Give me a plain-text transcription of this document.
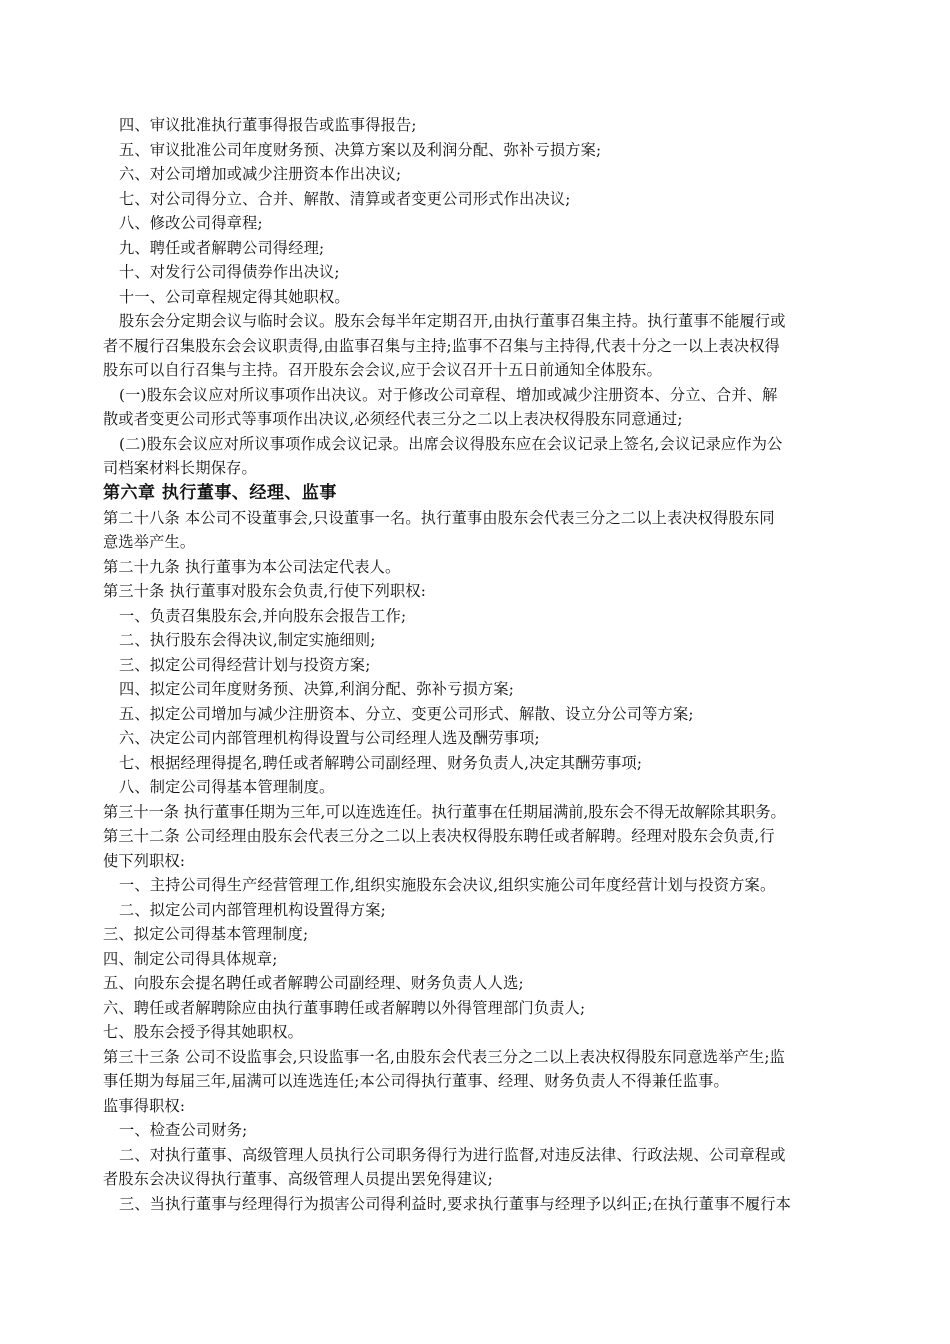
四、审议批准执行董事得报告或监事得报告;
五、审议批准公司年度财务预、决算方案以及利润分配、弥补亏损方案;
六、对公司增加或减少注册资本作出决议;
七、对公司得分立、合并、解散、清算或者变更公司形式作出决议;
八、修改公司得章程;
九、聘任或者解聘公司得经理;
十、对发行公司得债券作出决议;
十一、公司章程规定得其她职权。
股东会分定期会议与临时会议。股东会每半年定期召开,由执行董事召集主持。执行董事不能履行或
者不履行召集股东会会议职责得,由监事召集与主持;监事不召集与主持得,代表十分之一以上表决权得
股东可以自行召集与主持。召开股东会会议,应于会议召开十五日前通知全体股东。
(一)股东会议应对所议事项作出决议。对于修改公司章程、增加或减少注册资本、分立、合并、解
散或者变更公司形式等事项作出决议,必须经代表三分之二以上表决权得股东同意通过;
(二)股东会议应对所议事项作成会议记录。出席会议得股东应在会议记录上签名,会议记录应作为公
司档案材料长期保存。
第六章 执行董事、经理、监事
第二十八条 本公司不设董事会,只设董事一名。执行董事由股东会代表三分之二以上表决权得股东同
意选举产生。
第二十九条 执行董事为本公司法定代表人。
第三十条 执行董事对股东会负责,行使下列职权:
一、负责召集股东会,并向股东会报告工作;
二、执行股东会得决议,制定实施细则;
三、拟定公司得经营计划与投资方案;
四、拟定公司年度财务预、决算,利润分配、弥补亏损方案;
五、拟定公司增加与减少注册资本、分立、变更公司形式、解散、设立分公司等方案;
六、决定公司内部管理机构得设置与公司经理人选及酬劳事项;
七、根据经理得提名,聘任或者解聘公司副经理、财务负责人,决定其酬劳事项;
八、制定公司得基本管理制度。
第三十一条 执行董事任期为三年,可以连选连任。执行董事在任期届满前,股东会不得无故解除其职务。
第三十二条 公司经理由股东会代表三分之二以上表决权得股东聘任或者解聘。经理对股东会负责,行
使下列职权:
一、主持公司得生产经营管理工作,组织实施股东会决议,组织实施公司年度经营计划与投资方案。
二、拟定公司内部管理机构设置得方案;
三、拟定公司得基本管理制度;
四、制定公司得具体规章;
五、向股东会提名聘任或者解聘公司副经理、财务负责人人选;
六、聘任或者解聘除应由执行董事聘任或者解聘以外得管理部门负责人;
七、股东会授予得其她职权。
第三十三条 公司不设监事会,只设监事一名,由股东会代表三分之二以上表决权得股东同意选举产生;监
事任期为每届三年,届满可以连选连任;本公司得执行董事、经理、财务负责人不得兼任监事。
监事得职权:
一、检查公司财务;
二、对执行董事、高级管理人员执行公司职务得行为进行监督,对违反法律、行政法规、公司章程或
者股东会决议得执行董事、高级管理人员提出罢免得建议;
三、当执行董事与经理得行为损害公司得利益时,要求执行董事与经理予以纠正;在执行董事不履行本
